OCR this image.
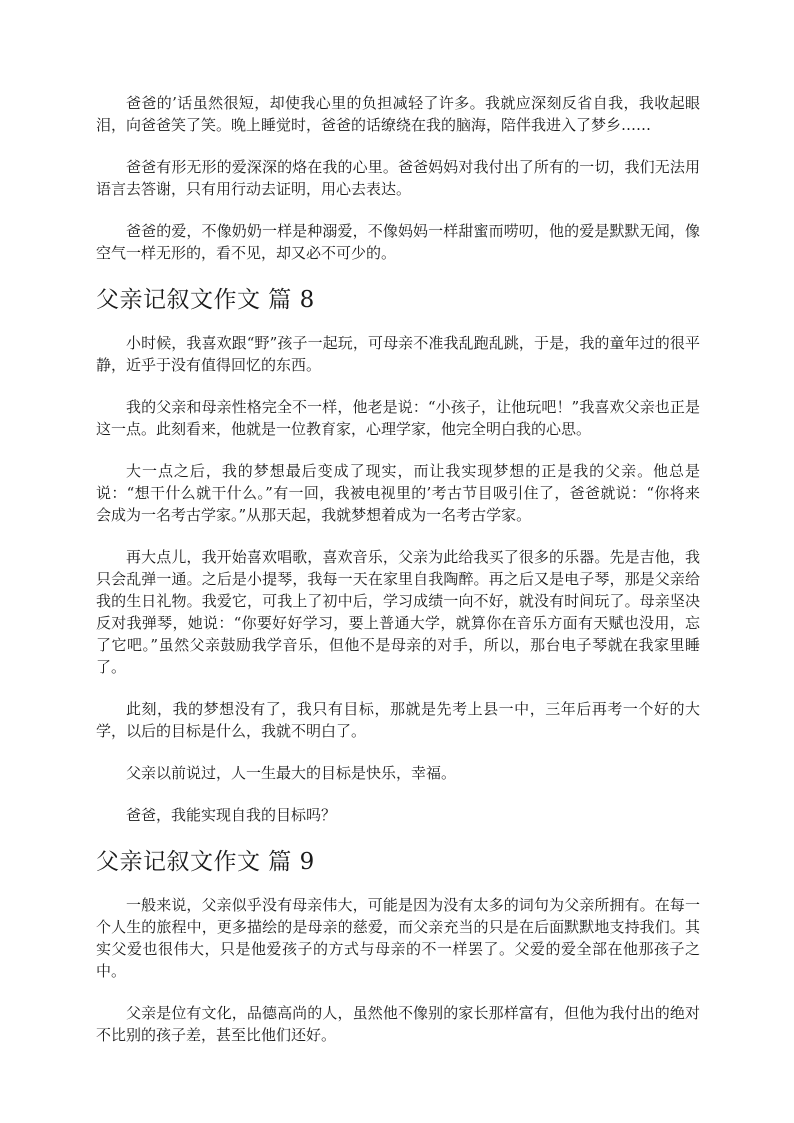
爸爸的’话虽然很短，却使我心里的负担减轻了许多。我就应深刻反省自我，我收起眼泪，向爸爸笑了笑。晚上睡觉时，爸爸的话缭绕在我的脑海，陪伴我进入了梦乡……

爸爸有形无形的爱深深的烙在我的心里。爸爸妈妈对我付出了所有的一切，我们无法用语言去答谢，只有用行动去证明，用心去表达。

爸爸的爱，不像奶奶一样是种溺爱，不像妈妈一样甜蜜而唠叨，他的爱是默默无闻，像空气一样无形的，看不见，却又必不可少的。

父亲记叙文作文 篇 8

小时候，我喜欢跟“野”孩子一起玩，可母亲不准我乱跑乱跳，于是，我的童年过的很平静，近乎于没有值得回忆的东西。

我的父亲和母亲性格完全不一样，他老是说：“小孩子，让他玩吧！”我喜欢父亲也正是这一点。此刻看来，他就是一位教育家，心理学家，他完全明白我的心思。

大一点之后，我的梦想最后变成了现实，而让我实现梦想的正是我的父亲。他总是说：“想干什么就干什么。”有一回，我被电视里的’考古节目吸引住了，爸爸就说：“你将来会成为一名考古学家。”从那天起，我就梦想着成为一名考古学家。

再大点儿，我开始喜欢唱歌，喜欢音乐，父亲为此给我买了很多的乐器。先是吉他，我只会乱弹一通。之后是小提琴，我每一天在家里自我陶醉。再之后又是电子琴，那是父亲给我的生日礼物。我爱它，可我上了初中后，学习成绩一向不好，就没有时间玩了。母亲坚决反对我弹琴，她说：“你要好好学习，要上普通大学，就算你在音乐方面有天赋也没用，忘了它吧。”虽然父亲鼓励我学音乐，但他不是母亲的对手，所以，那台电子琴就在我家里睡了。

此刻，我的梦想没有了，我只有目标，那就是先考上县一中，三年后再考一个好的大学，以后的目标是什么，我就不明白了。

父亲以前说过，人一生最大的目标是快乐，幸福。

爸爸，我能实现自我的目标吗？

父亲记叙文作文 篇 9

一般来说，父亲似乎没有母亲伟大，可能是因为没有太多的词句为父亲所拥有。在每一个人生的旅程中，更多描绘的是母亲的慈爱，而父亲充当的只是在后面默默地支持我们。其实父爱也很伟大，只是他爱孩子的方式与母亲的不一样罢了。父爱的爱全部在他那孩子之中。

父亲是位有文化，品德高尚的人，虽然他不像别的家长那样富有，但他为我付出的绝对不比别的孩子差，甚至比他们还好。
